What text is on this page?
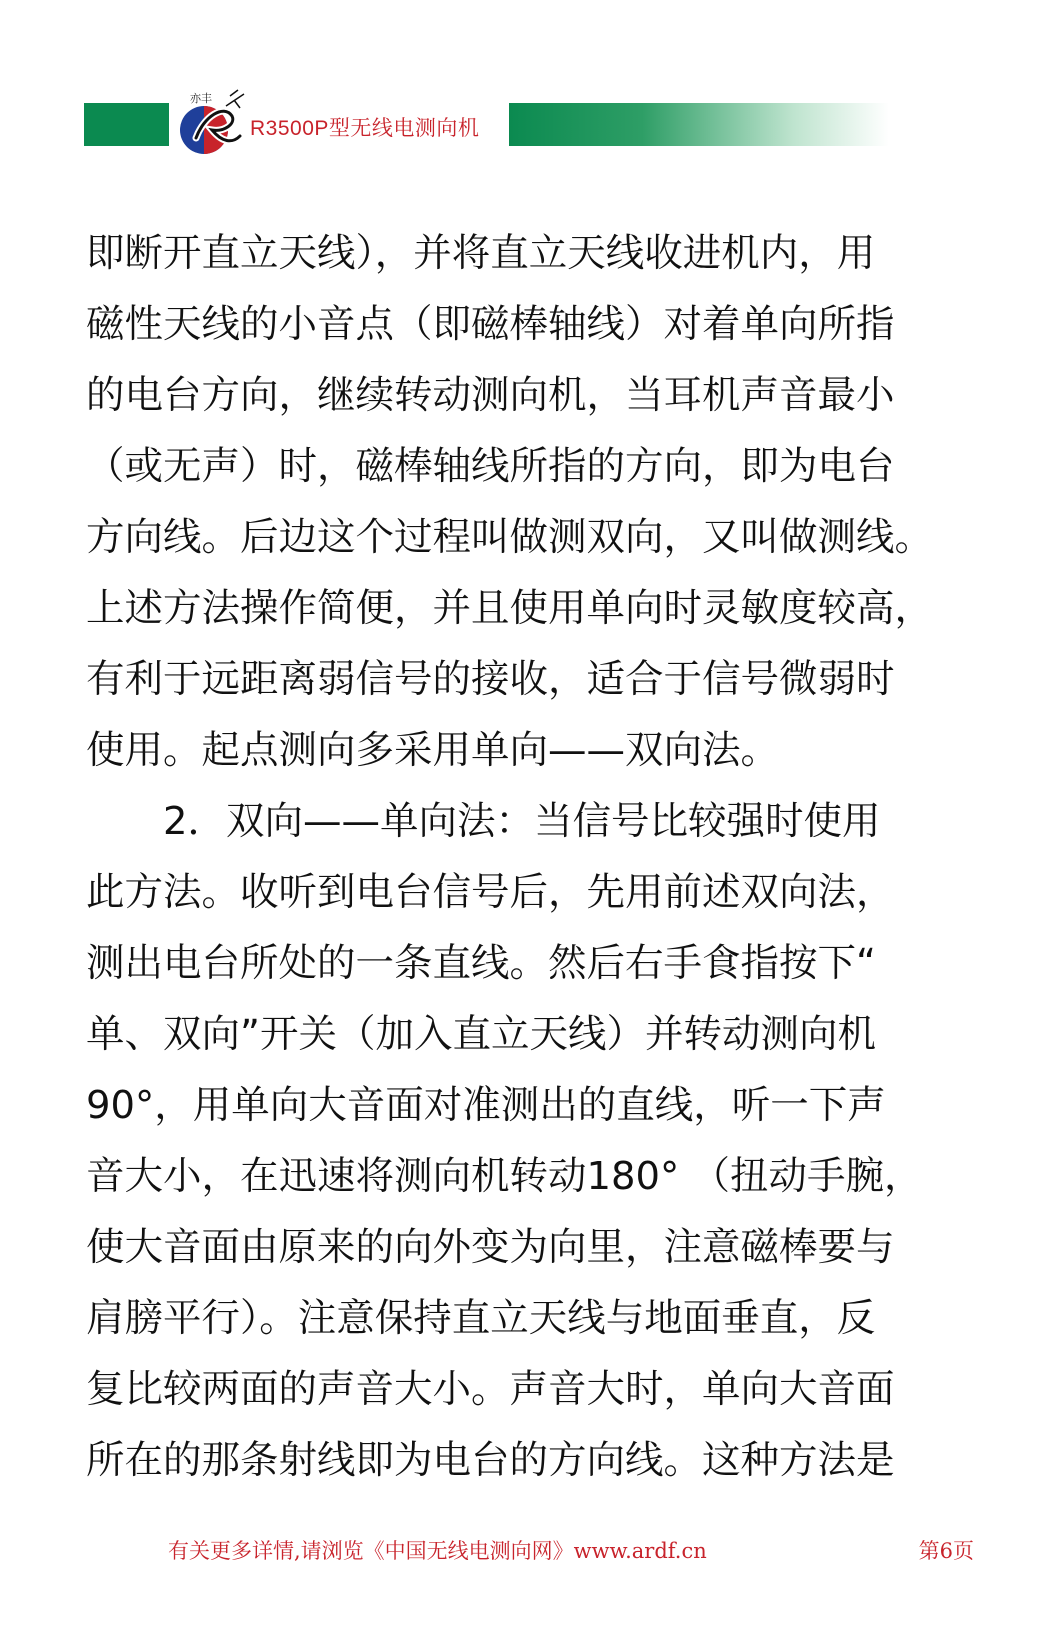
亦丰
R3500P型无线电测向机
即断开直立天线），并将直立天线收进机内，用
磁性天线的小音点（即磁棒轴线）对着单向所指
的电台方向，继续转动测向机，当耳机声音最小
（或无声）时，磁棒轴线所指的方向，即为电台
方向线。后边这个过程叫做测双向，又叫做测线。
上述方法操作简便，并且使用单向时灵敏度较高，
有利于远距离弱信号的接收，适合于信号微弱时
使用。起点测向多采用单向——双向法。
　　2．双向——单向法：当信号比较强时使用
此方法。收听到电台信号后，先用前述双向法，
测出电台所处的一条直线。然后右手食指按下“
单、双向”开关（加入直立天线）并转动测向机
90°，用单向大音面对准测出的直线，听一下声
音大小，在迅速将测向机转动180° （扭动手腕，
使大音面由原来的向外变为向里，注意磁棒要与
肩膀平行）。注意保持直立天线与地面垂直，反
复比较两面的声音大小。声音大时，单向大音面
所在的那条射线即为电台的方向线。这种方法是
有关更多详情,请浏览《中国无线电测向网》www.ardf.cn	第6页
